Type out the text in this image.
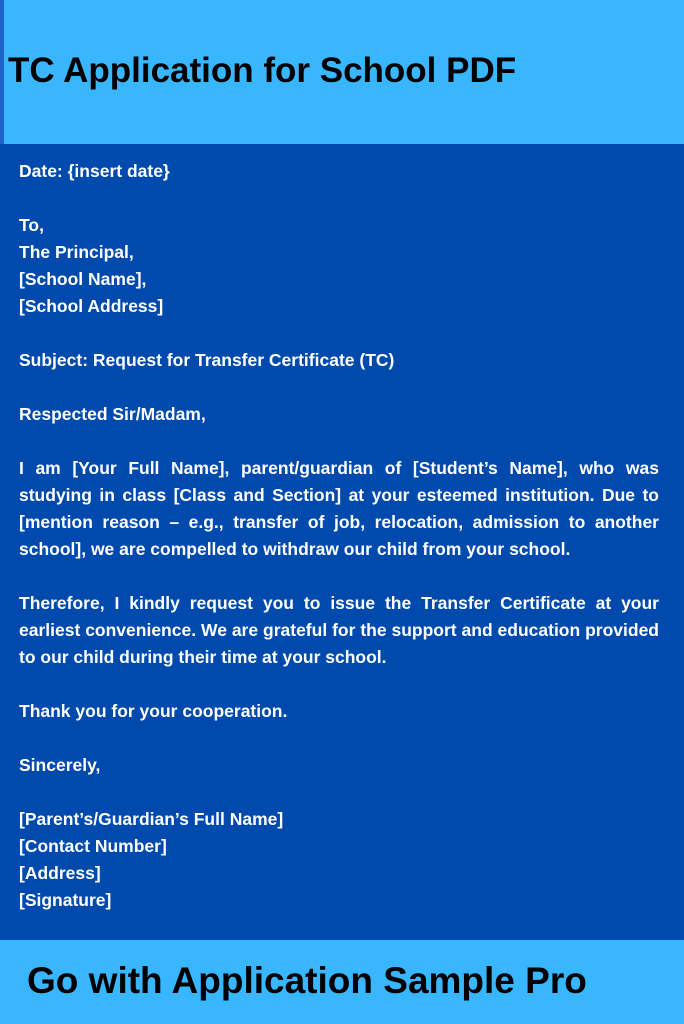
TC Application for School PDF

Date: {insert date}

To,
The Principal,
[School Name],
[School Address]

Subject: Request for Transfer Certificate (TC)

Respected Sir/Madam,

I am [Your Full Name], parent/guardian of [Student’s Name], who was studying in class [Class and Section] at your esteemed institution. Due to [mention reason – e.g., transfer of job, relocation, admission to another school], we are compelled to withdraw our child from your school.

Therefore, I kindly request you to issue the Transfer Certificate at your earliest convenience. We are grateful for the support and education provided to our child during their time at your school.

Thank you for your cooperation.

Sincerely,

[Parent’s/Guardian’s Full Name]
[Contact Number]
[Address]
[Signature]

Go with Application Sample Pro
